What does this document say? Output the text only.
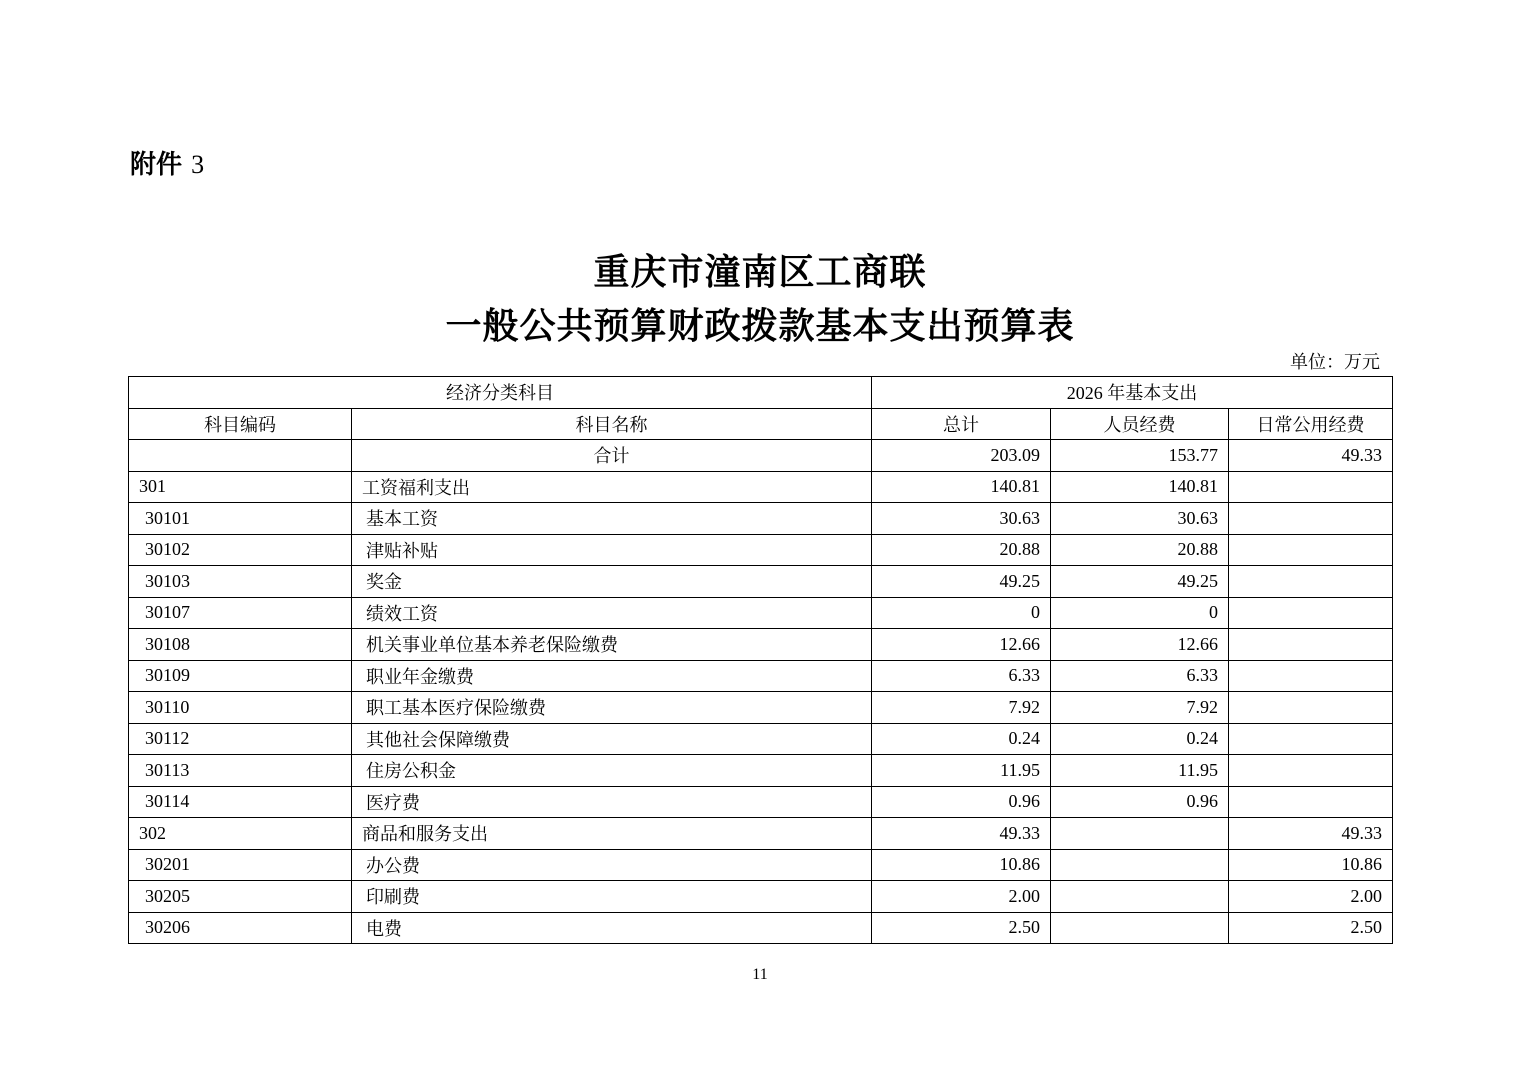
附件 3
重庆市潼南区工商联
一般公共预算财政拨款基本支出预算表
单位：万元
经济分类科目		2026 年基本支出		
科目编码	科目名称	总计	人员经费	日常公用经费
	合计	203.09	153.77	49.33
301	工资福利支出	140.81	140.81	
30101	基本工资	30.63	30.63	
30102	津贴补贴	20.88	20.88	
30103	奖金	49.25	49.25	
30107	绩效工资	0	0	
30108	机关事业单位基本养老保险缴费	12.66	12.66	
30109	职业年金缴费	6.33	6.33	
30110	职工基本医疗保险缴费	7.92	7.92	
30112	其他社会保障缴费	0.24	0.24	
30113	住房公积金	11.95	11.95	
30114	医疗费	0.96	0.96	
302	商品和服务支出	49.33		49.33
30201	办公费	10.86		10.86
30205	印刷费	2.00		2.00
30206	电费	2.50		2.50
11
